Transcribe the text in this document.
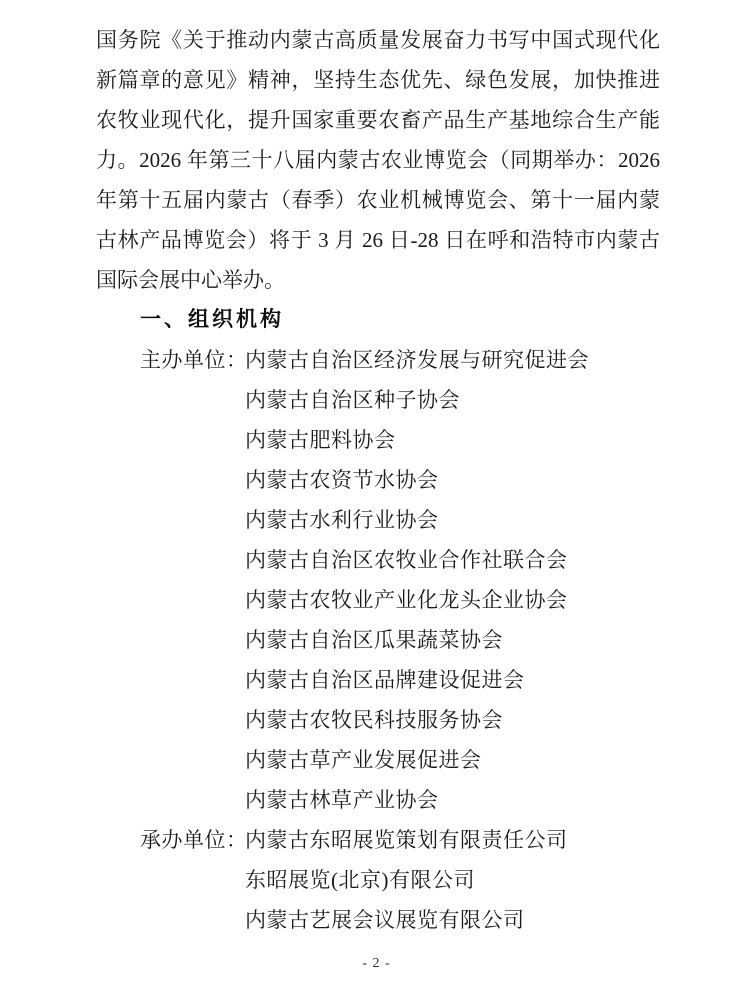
国务院《关于推动内蒙古高质量发展奋力书写中国式现代化
新篇章的意见》精神，坚持生态优先、绿色发展，加快推进
农牧业现代化，提升国家重要农畜产品生产基地综合生产能
力。2026 年第三十八届内蒙古农业博览会（同期举办：2026
年第十五届内蒙古（春季）农业机械博览会、第十一届内蒙
古林产品博览会）将于 3 月 26 日-28 日在呼和浩特市内蒙古
国际会展中心举办。
一、组织机构
主办单位：
内蒙古自治区经济发展与研究促进会
内蒙古自治区种子协会
内蒙古肥料协会
内蒙古农资节水协会
内蒙古水利行业协会
内蒙古自治区农牧业合作社联合会
内蒙古农牧业产业化龙头企业协会
内蒙古自治区瓜果蔬菜协会
内蒙古自治区品牌建设促进会
内蒙古农牧民科技服务协会
内蒙古草产业发展促进会
内蒙古林草产业协会
承办单位：
内蒙古东昭展览策划有限责任公司
东昭展览(北京)有限公司
内蒙古艺展会议展览有限公司
- 2 -
